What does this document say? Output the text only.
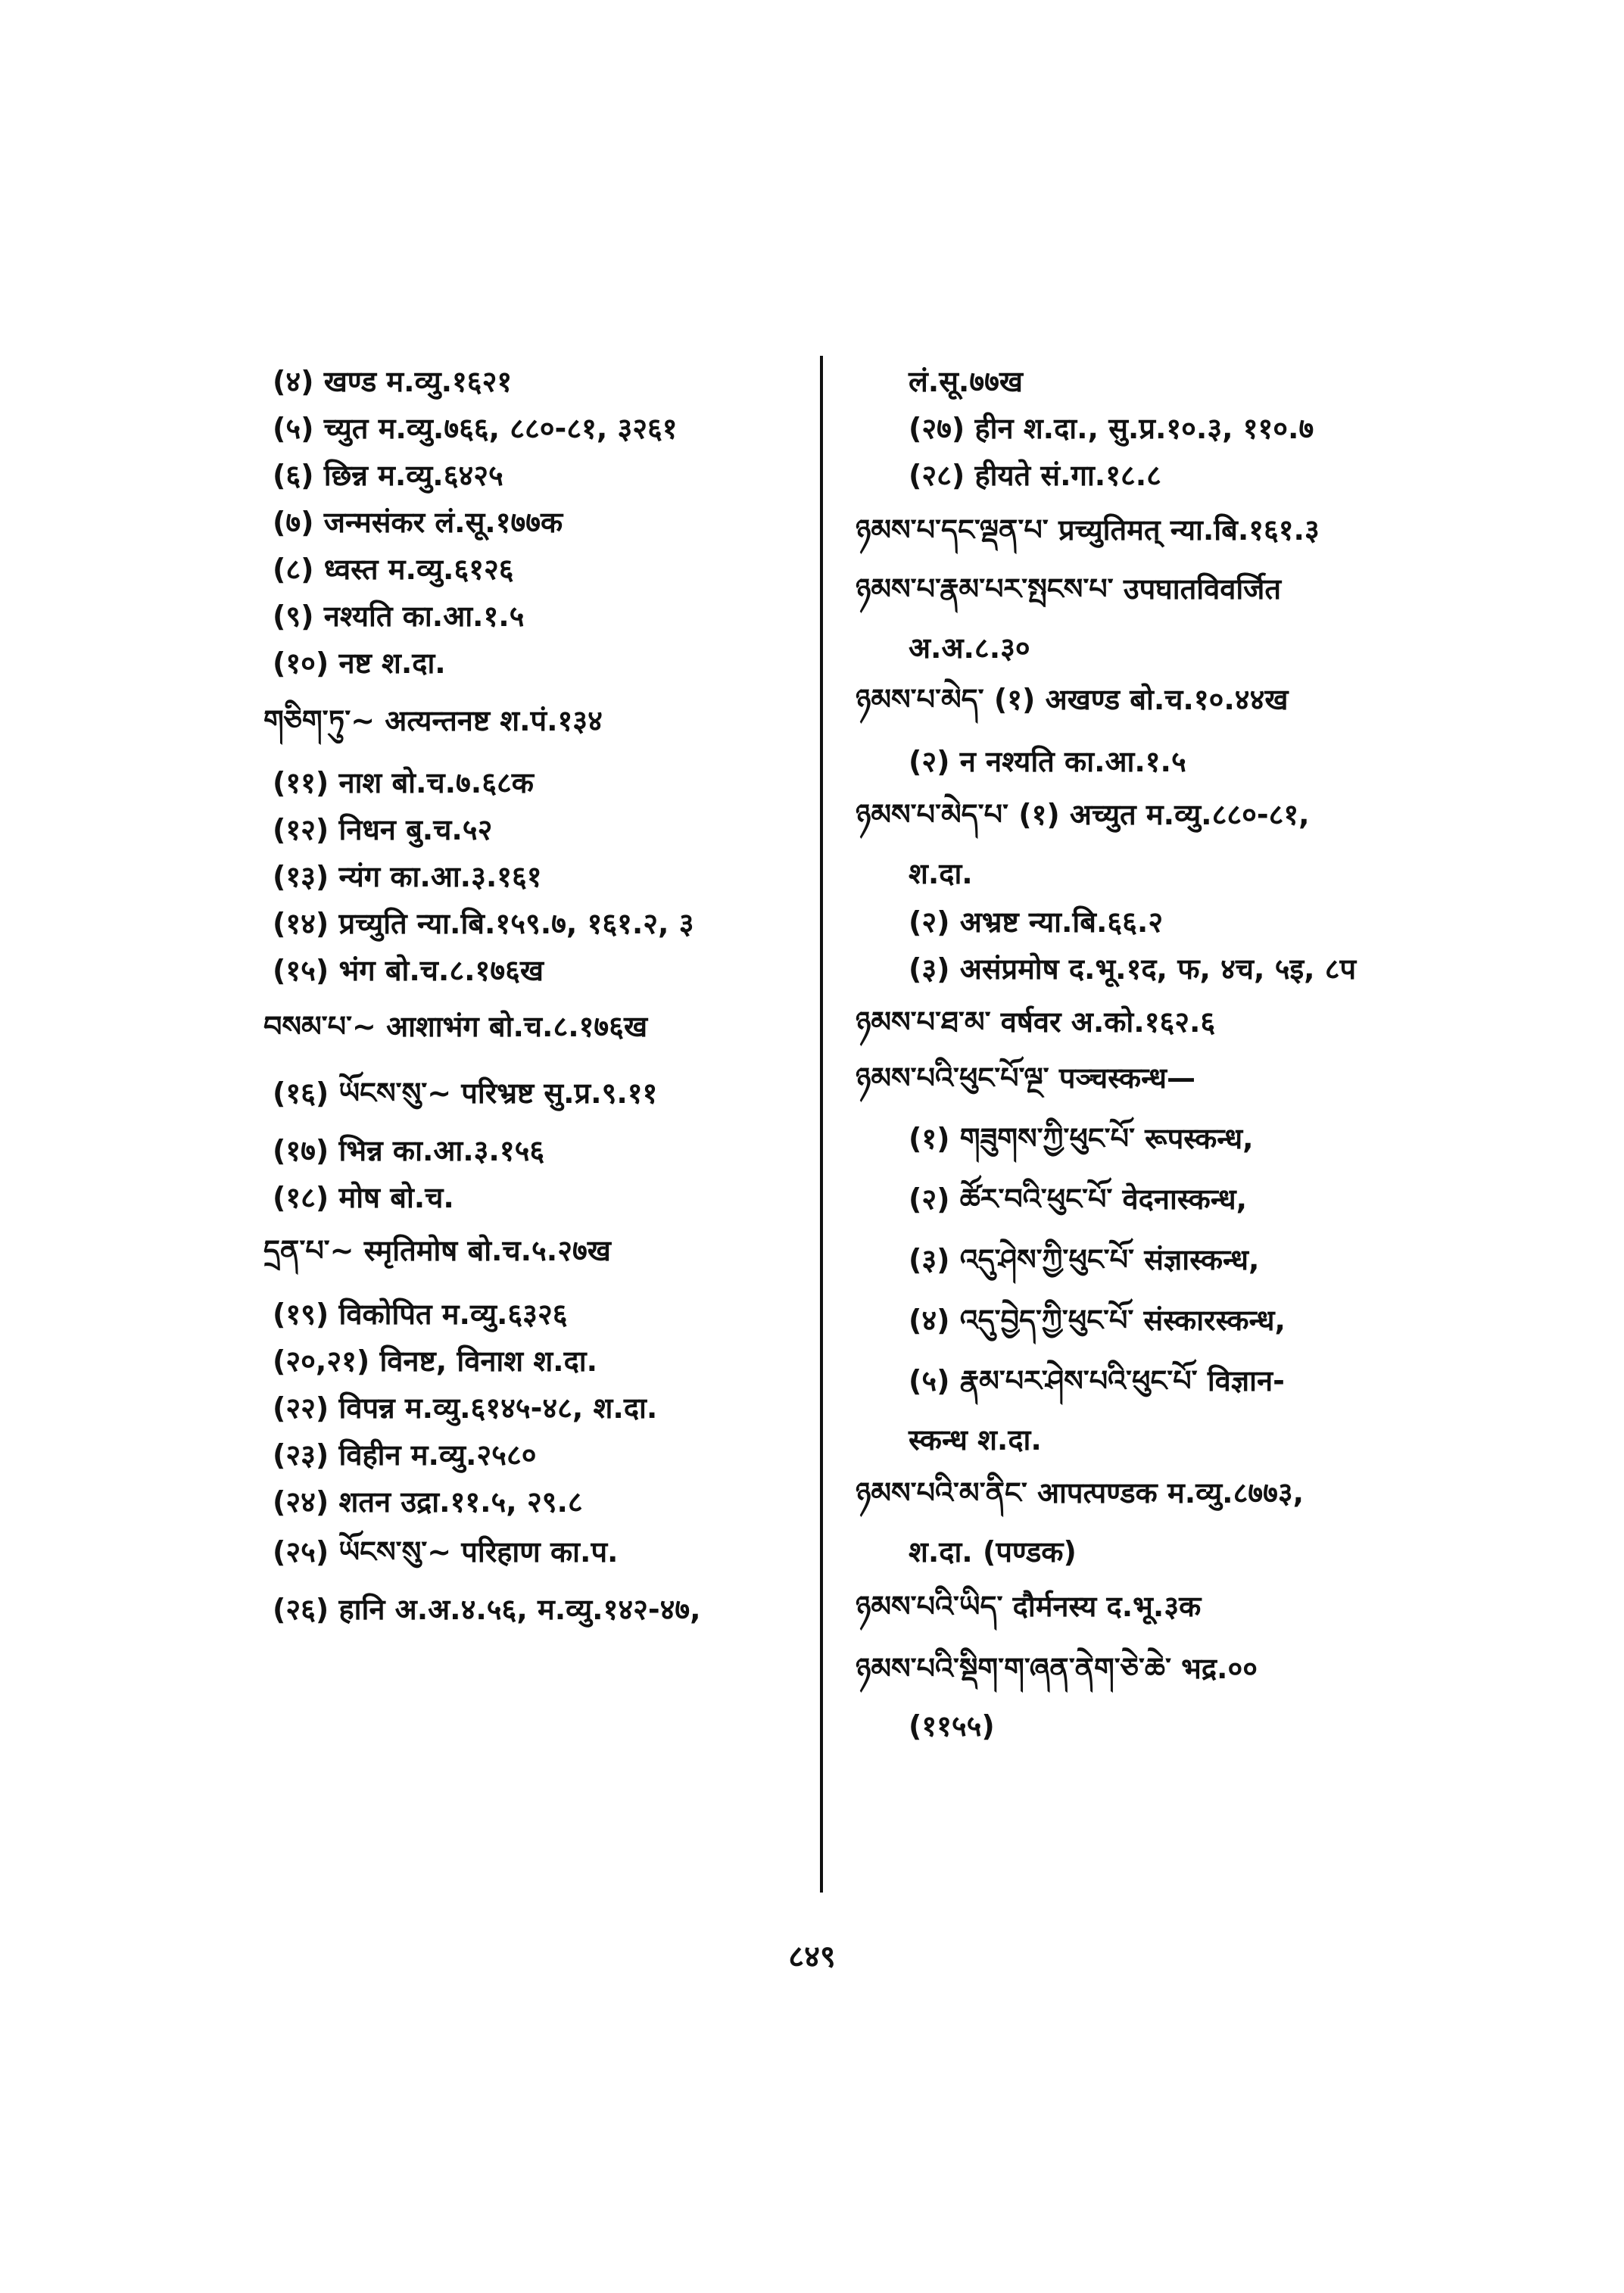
(४) खण्ड म.व्यु.१६२१

(५) च्युत म.व्यु.७६६, ८८०-८१, ३२६१

(६) छिन्न म.व्यु.६४२५

(७) जन्मसंकर लं.सू.१७७क

(८) ध्वस्त म.व्यु.६१२६

(९) नश्यति का.आ.१.५

(१०) नष्ट श.दा.

གཅིག་ཏུ་~ अत्यन्तनष्ट श.पं.१३४

(११) नाश बो.च.७.६८क

(१२) निधन बु.च.५२

(१३) न्यंग का.आ.३.१६१

(१४) प्रच्युति न्या.बि.१५९.७, १६१.२, ३

(१५) भंग बो.च.८.१७६ख

བསམ་པ་~ आशाभंग बो.च.८.१७६ख

(१६) ཡོངས་སུ་~ परिभ्रष्ट सु.प्र.९.११

(१७) भिन्न का.आ.३.१५६

(१८) मोष बो.च.

དྲན་པ་~ स्मृतिमोष बो.च.५.२७ख

(१९) विकोपित म.व्यु.६३२६

(२०,२१) विनष्ट, विनाश श.दा.

(२२) विपन्न म.व्यु.६१४५-४८, श.दा.

(२३) विहीन म.व्यु.२५८०

(२४) शतन उद्रा.११.५, २९.८

(२५) ཡོངས་སུ་~ परिहाण का.प.

(२६) हानि अ.अ.४.५६, म.व्यु.१४२-४७,

लं.सू.७७ख

(२७) हीन श.दा., सु.प्र.१०.३, ११०.७

(२८) हीयते सं.गा.१८.८

ཉམས་པ་དང་ལྡན་པ་ प्रच्युतिमत् न्या.बि.१६१.३

ཉམས་པ་རྣམ་པར་སྤངས་པ་ उपघातविवर्जित

अ.अ.८.३०

ཉམས་པ་མེད་ (१) अखण्ड बो.च.१०.४४ख

(२) न नश्यति का.आ.१.५

ཉམས་པ་མེད་པ་ (१) अच्युत म.व्यु.८८०-८१,

श.दा.

(२) अभ्रष्ट न्या.बि.६६.२

(३) असंप्रमोष द.भू.१द, फ, ४च, ५इ, ८प

ཉམས་པ་ཐ་མ་ वर्षवर अ.को.१६२.६

ཉམས་པའི་ཕུང་པོ་ལྔ་ पञ्चस्कन्ध—

(१) གཟུགས་ཀྱི་ཕུང་པོ་ रूपस्कन्ध,

(२) ཚོར་བའི་ཕུང་པོ་ वेदनास्कन्ध,

(३) འདུ་ཤེས་ཀྱི་ཕུང་པོ་ संज्ञास्कन्ध,

(४) འདུ་བྱེད་ཀྱི་ཕུང་པོ་ संस्कारस्कन्ध,

(५) རྣམ་པར་ཤེས་པའི་ཕུང་པོ་ विज्ञान-

स्कन्ध श.दा.

ཉམས་པའི་མ་ནིང་ आपत्पण्डक म.व्यु.८७७३,

श.दा. (पण्डक)

ཉམས་པའི་ཡིད་ दौर्मनस्य द.भू.३क

ཉམས་པའི་སྡིག་ག་ཞན་ནེག་ཅེ་ཆེ་ भद्र.००

(११५५)

८४९
